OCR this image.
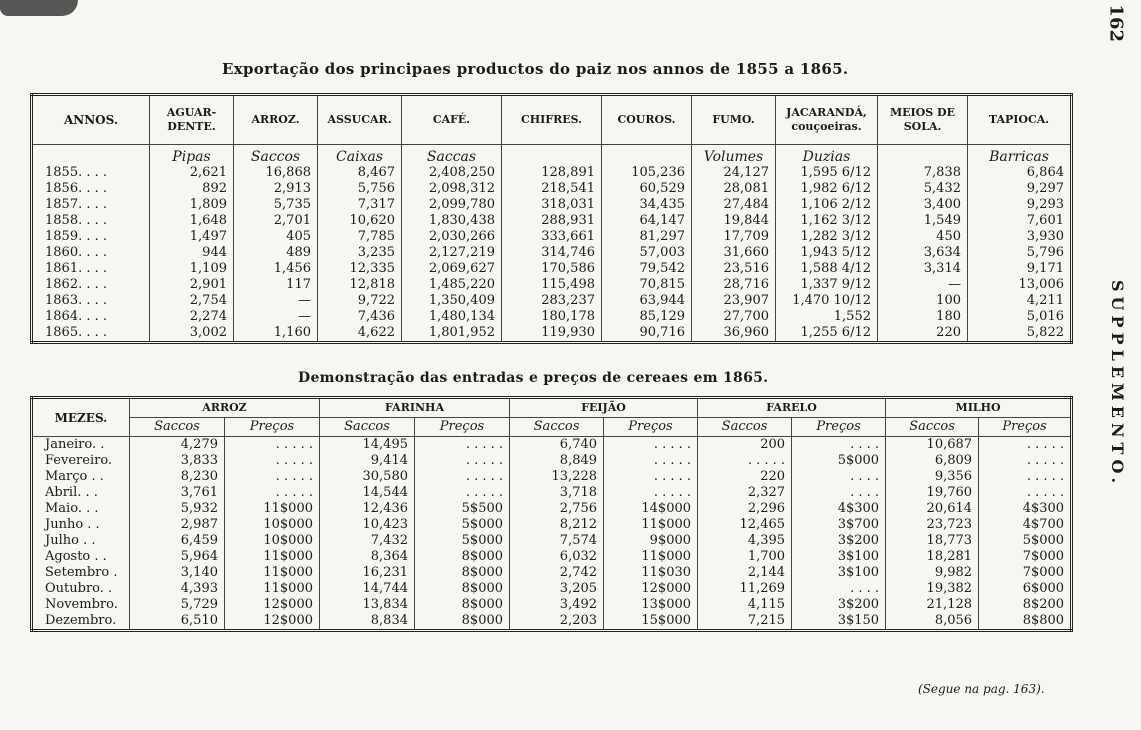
162
SUPPLEMENTO.
Exportação dos principaes productos do paiz nos annos de 1855 a 1865.
ANNOS.	AGUAR-DENTE.	ARROZ.	ASSUCAR.	CAFÉ.	CHIFRES.	COUROS.	FUMO.	JACARANDÁ, couçoeiras.	MEIOS DE SOLA.	TAPIOCA.
	Pipas	Saccos	Caixas	Saccas			Volumes	Duzias		Barricas
1855. . . .	2,621	16,868	8,467	2,408,250	128,891	105,236	24,127	1,595 6/12	7,838	6,864
1856. . . .	892	2,913	5,756	2,098,312	218,541	60,529	28,081	1,982 6/12	5,432	9,297
1857. . . .	1,809	5,735	7,317	2,099,780	318,031	34,435	27,484	1,106 2/12	3,400	9,293
1858. . . .	1,648	2,701	10,620	1,830,438	288,931	64,147	19,844	1,162 3/12	1,549	7,601
1859. . . .	1,497	405	7,785	2,030,266	333,661	81,297	17,709	1,282 3/12	450	3,930
1860. . . .	944	489	3,235	2,127,219	314,746	57,003	31,660	1,943 5/12	3,634	5,796
1861. . . .	1,109	1,456	12,335	2,069,627	170,586	79,542	23,516	1,588 4/12	3,314	9,171
1862. . . .	2,901	117	12,818	1,485,220	115,498	70,815	28,716	1,337 9/12	—	13,006
1863. . . .	2,754	—	9,722	1,350,409	283,237	63,944	23,907	1,470 10/12	100	4,211
1864. . . .	2,274	—	7,436	1,480,134	180,178	85,129	27,700	1,552	180	5,016
1865. . . .	3,002	1,160	4,622	1,801,952	119,930	90,716	36,960	1,255 6/12	220	5,822
Demonstração das entradas e preços de cereaes em 1865.
MEZES.	ARROZ		FARINHA		FEIJÃO		FARELO		MILHO	
	Saccos	Preços	Saccos	Preços	Saccos	Preços	Saccos	Preços	Saccos	Preços
Janeiro. .	4,279	. . . . .	14,495	. . . . .	6,740	. . . . .	200	. . . .	10,687	. . . . .
Fevereiro.	3,833	. . . . .	9,414	. . . . .	8,849	. . . . .	. . . . .	5$000	6,809	. . . . .
Março . .	8,230	. . . . .	30,580	. . . . .	13,228	. . . . .	220	. . . .	9,356	. . . . .
Abril. . .	3,761	. . . . .	14,544	. . . . .	3,718	. . . . .	2,327	. . . .	19,760	. . . . .
Maio. . .	5,932	11$000	12,436	5$500	2,756	14$000	2,296	4$300	20,614	4$300
Junho . .	2,987	10$000	10,423	5$000	8,212	11$000	12,465	3$700	23,723	4$700
Julho . .	6,459	10$000	7,432	5$000	7,574	9$000	4,395	3$200	18,773	5$000
Agosto . .	5,964	11$000	8,364	8$000	6,032	11$000	1,700	3$100	18,281	7$000
Setembro .	3,140	11$000	16,231	8$000	2,742	11$030	2,144	3$100	9,982	7$000
Outubro. .	4,393	11$000	14,744	8$000	3,205	12$000	11,269	. . . .	19,382	6$000
Novembro.	5,729	12$000	13,834	8$000	3,492	13$000	4,115	3$200	21,128	8$200
Dezembro.	6,510	12$000	8,834	8$000	2,203	15$000	7,215	3$150	8,056	8$800
(Segue na pag. 163).
